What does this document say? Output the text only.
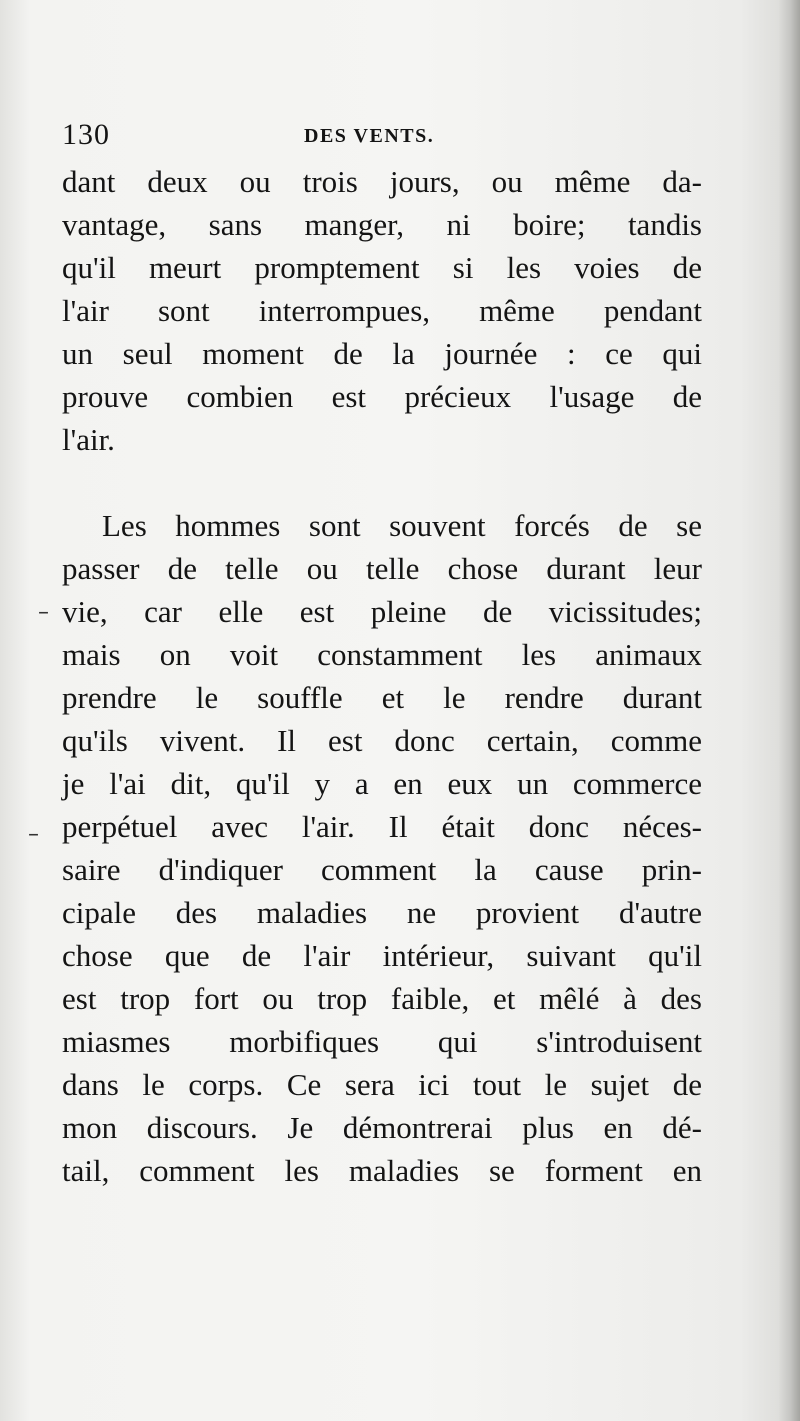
130	DES VENTS.
–
–
dant deux ou trois jours, ou même da-
vantage, sans manger, ni boire; tandis
qu'il meurt promptement si les voies de
l'air sont interrompues, même pendant
un seul moment de la journée : ce qui
prouve combien est précieux l'usage de
l'air.
Les hommes sont souvent forcés de se
passer de telle ou telle chose durant leur
vie, car elle est pleine de vicissitudes;
mais on voit constamment les animaux
prendre le souffle et le rendre durant
qu'ils vivent. Il est donc certain, comme
je l'ai dit, qu'il y a en eux un commerce
perpétuel avec l'air. Il était donc néces-
saire d'indiquer comment la cause prin-
cipale des maladies ne provient d'autre
chose que de l'air intérieur, suivant qu'il
est trop fort ou trop faible, et mêlé à des
miasmes morbifiques qui s'introduisent
dans le corps. Ce sera ici tout le sujet de
mon discours. Je démontrerai plus en dé-
tail, comment les maladies se forment en
